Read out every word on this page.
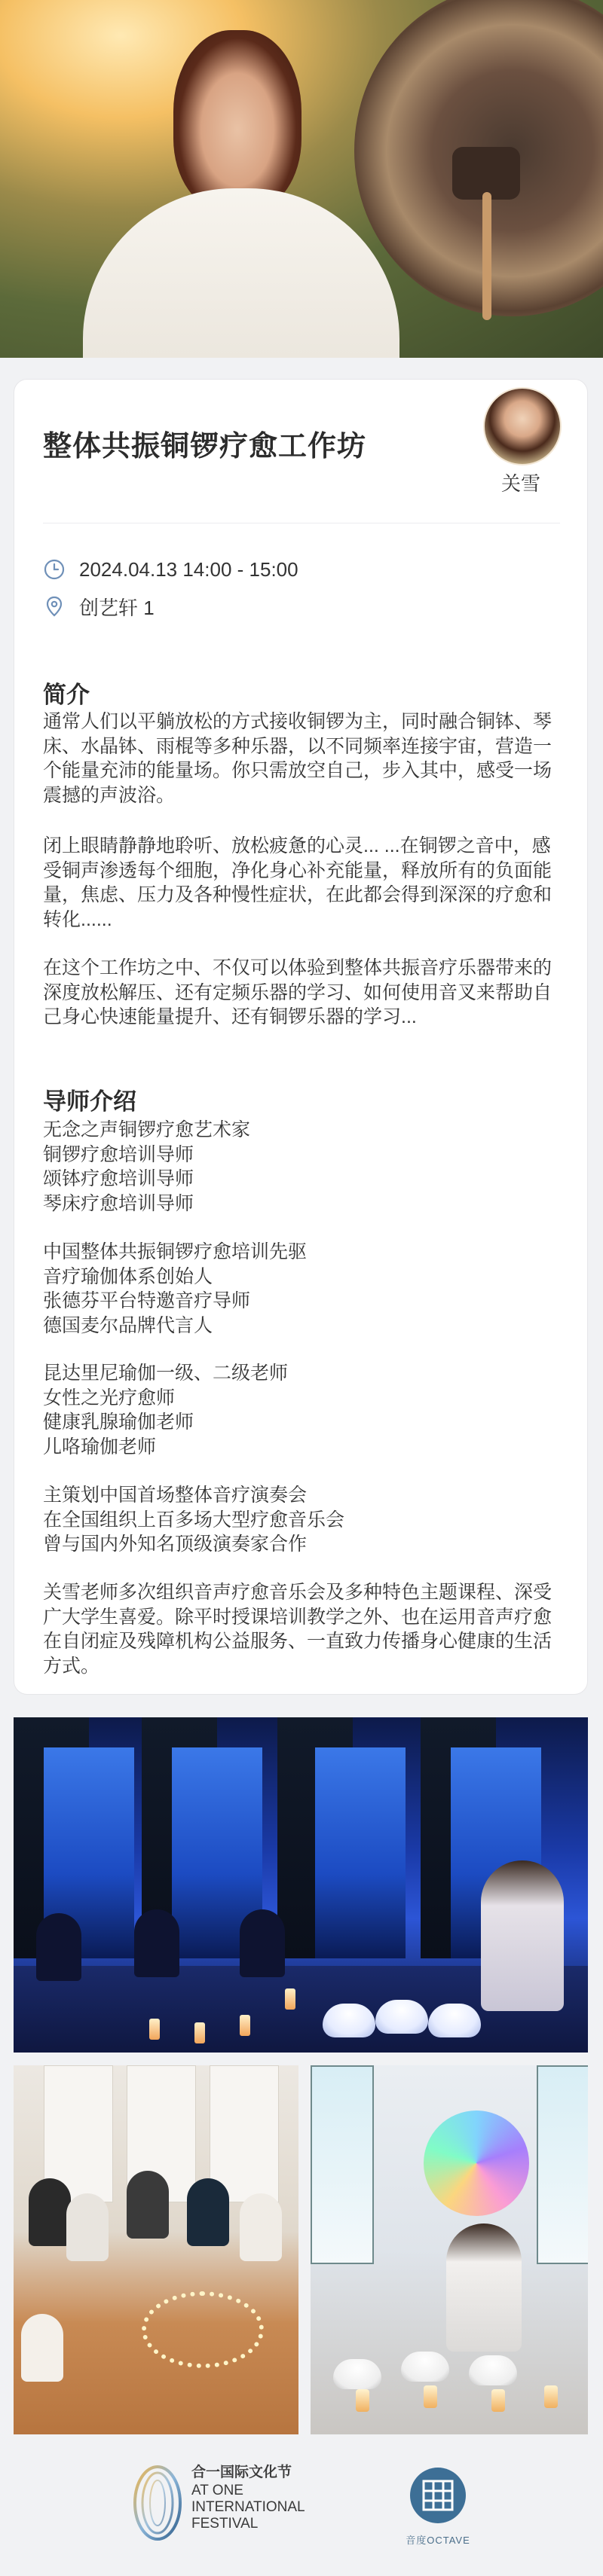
整体共振铜锣疗愈工作坊
关雪
2024.04.13 14:00 - 15:00
创艺轩 1
简介

通常人们以平躺放松的方式接收铜锣为主，同时融合铜钵、琴床、水晶钵、雨棍等多种乐器，以不同频率连接宇宙，营造一个能量充沛的能量场。你只需放空自己，步入其中，感受一场震撼的声波浴。

闭上眼睛静静地聆听、放松疲惫的心灵... ...在铜锣之音中，感受铜声渗透每个细胞，净化身心补充能量，释放所有的负面能量，焦虑、压力及各种慢性症状，在此都会得到深深的疗愈和转化......

在这个工作坊之中、不仅可以体验到整体共振音疗乐器带来的深度放松解压、还有定频乐器的学习、如何使用音叉来帮助自己身心快速能量提升、还有铜锣乐器的学习...

导师介绍
无念之声铜锣疗愈艺术家
铜锣疗愈培训导师
颂钵疗愈培训导师
琴床疗愈培训导师
中国整体共振铜锣疗愈培训先驱
音疗瑜伽体系创始人
张德芬平台特邀音疗导师
德国麦尔品牌代言人
昆达里尼瑜伽一级、二级老师
女性之光疗愈师
健康乳腺瑜伽老师
儿咯瑜伽老师
主策划中国首场整体音疗演奏会
在全国组织上百多场大型疗愈音乐会
曾与国内外知名顶级演奏家合作

关雪老师多次组织音声疗愈音乐会及多种特色主题课程、深受广大学生喜爱。除平时授课培训教学之外、也在运用音声疗愈在自闭症及残障机构公益服务、一直致力传播身心健康的生活方式。

合一国际文化节
AT ONE
INTERNATIONAL
FESTIVAL
音度OCTAVE
